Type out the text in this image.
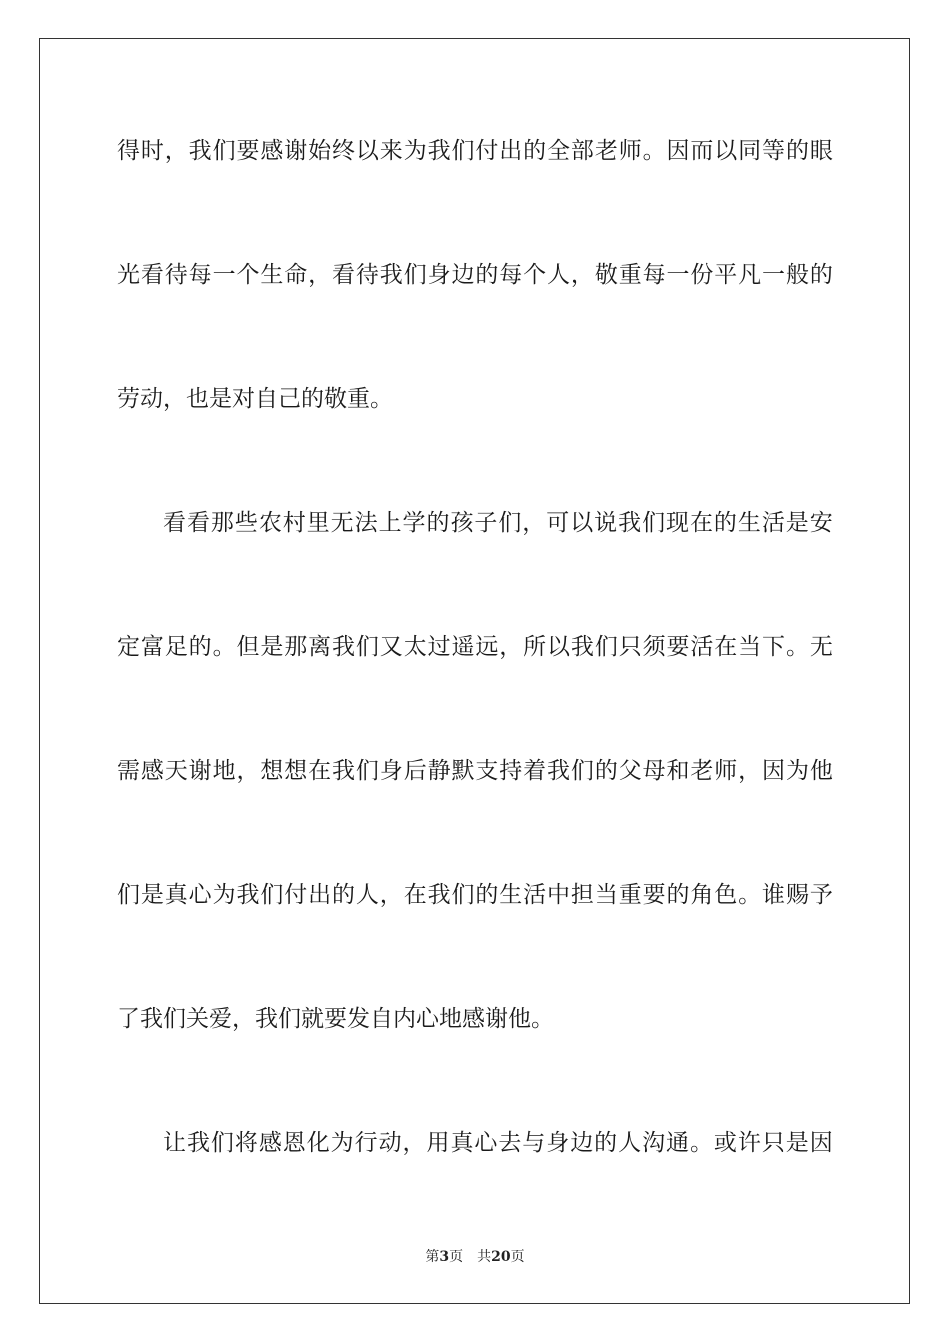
得 时 ， 我 们 要 感 谢 始 终 以 来 为 我 们 付 出 的 全 部 老 师 。 因 而 以 同 等 的 眼
光 看 待 每 一 个 生 命 ， 看 待 我 们 身 边 的 每 个 人 ， 敬 重 每 一 份 平 凡 一 般 的
劳动，也是对自己的敬重。
看 看 那 些 农 村 里 无 法 上 学 的 孩 子 们 ， 可 以 说 我 们 现 在 的 生 活 是 安
定 富 足 的 。 但 是 那 离 我 们 又 太 过 遥 远 ， 所 以 我 们 只 须 要 活 在 当 下 。 无
需 感 天 谢 地 ， 想 想 在 我 们 身 后 静 默 支 持 着 我 们 的 父 母 和 老 师 ， 因 为 他
们 是 真 心 为 我 们 付 出 的 人 ， 在 我 们 的 生 活 中 担 当 重 要 的 角 色 。 谁 赐 予
了我们关爱，我们就要发自内心地感谢他。
让 我 们 将 感 恩 化 为 行 动 ， 用 真 心 去 与 身 边 的 人 沟 通 。 或 许 只 是 因
第3页 共20页
